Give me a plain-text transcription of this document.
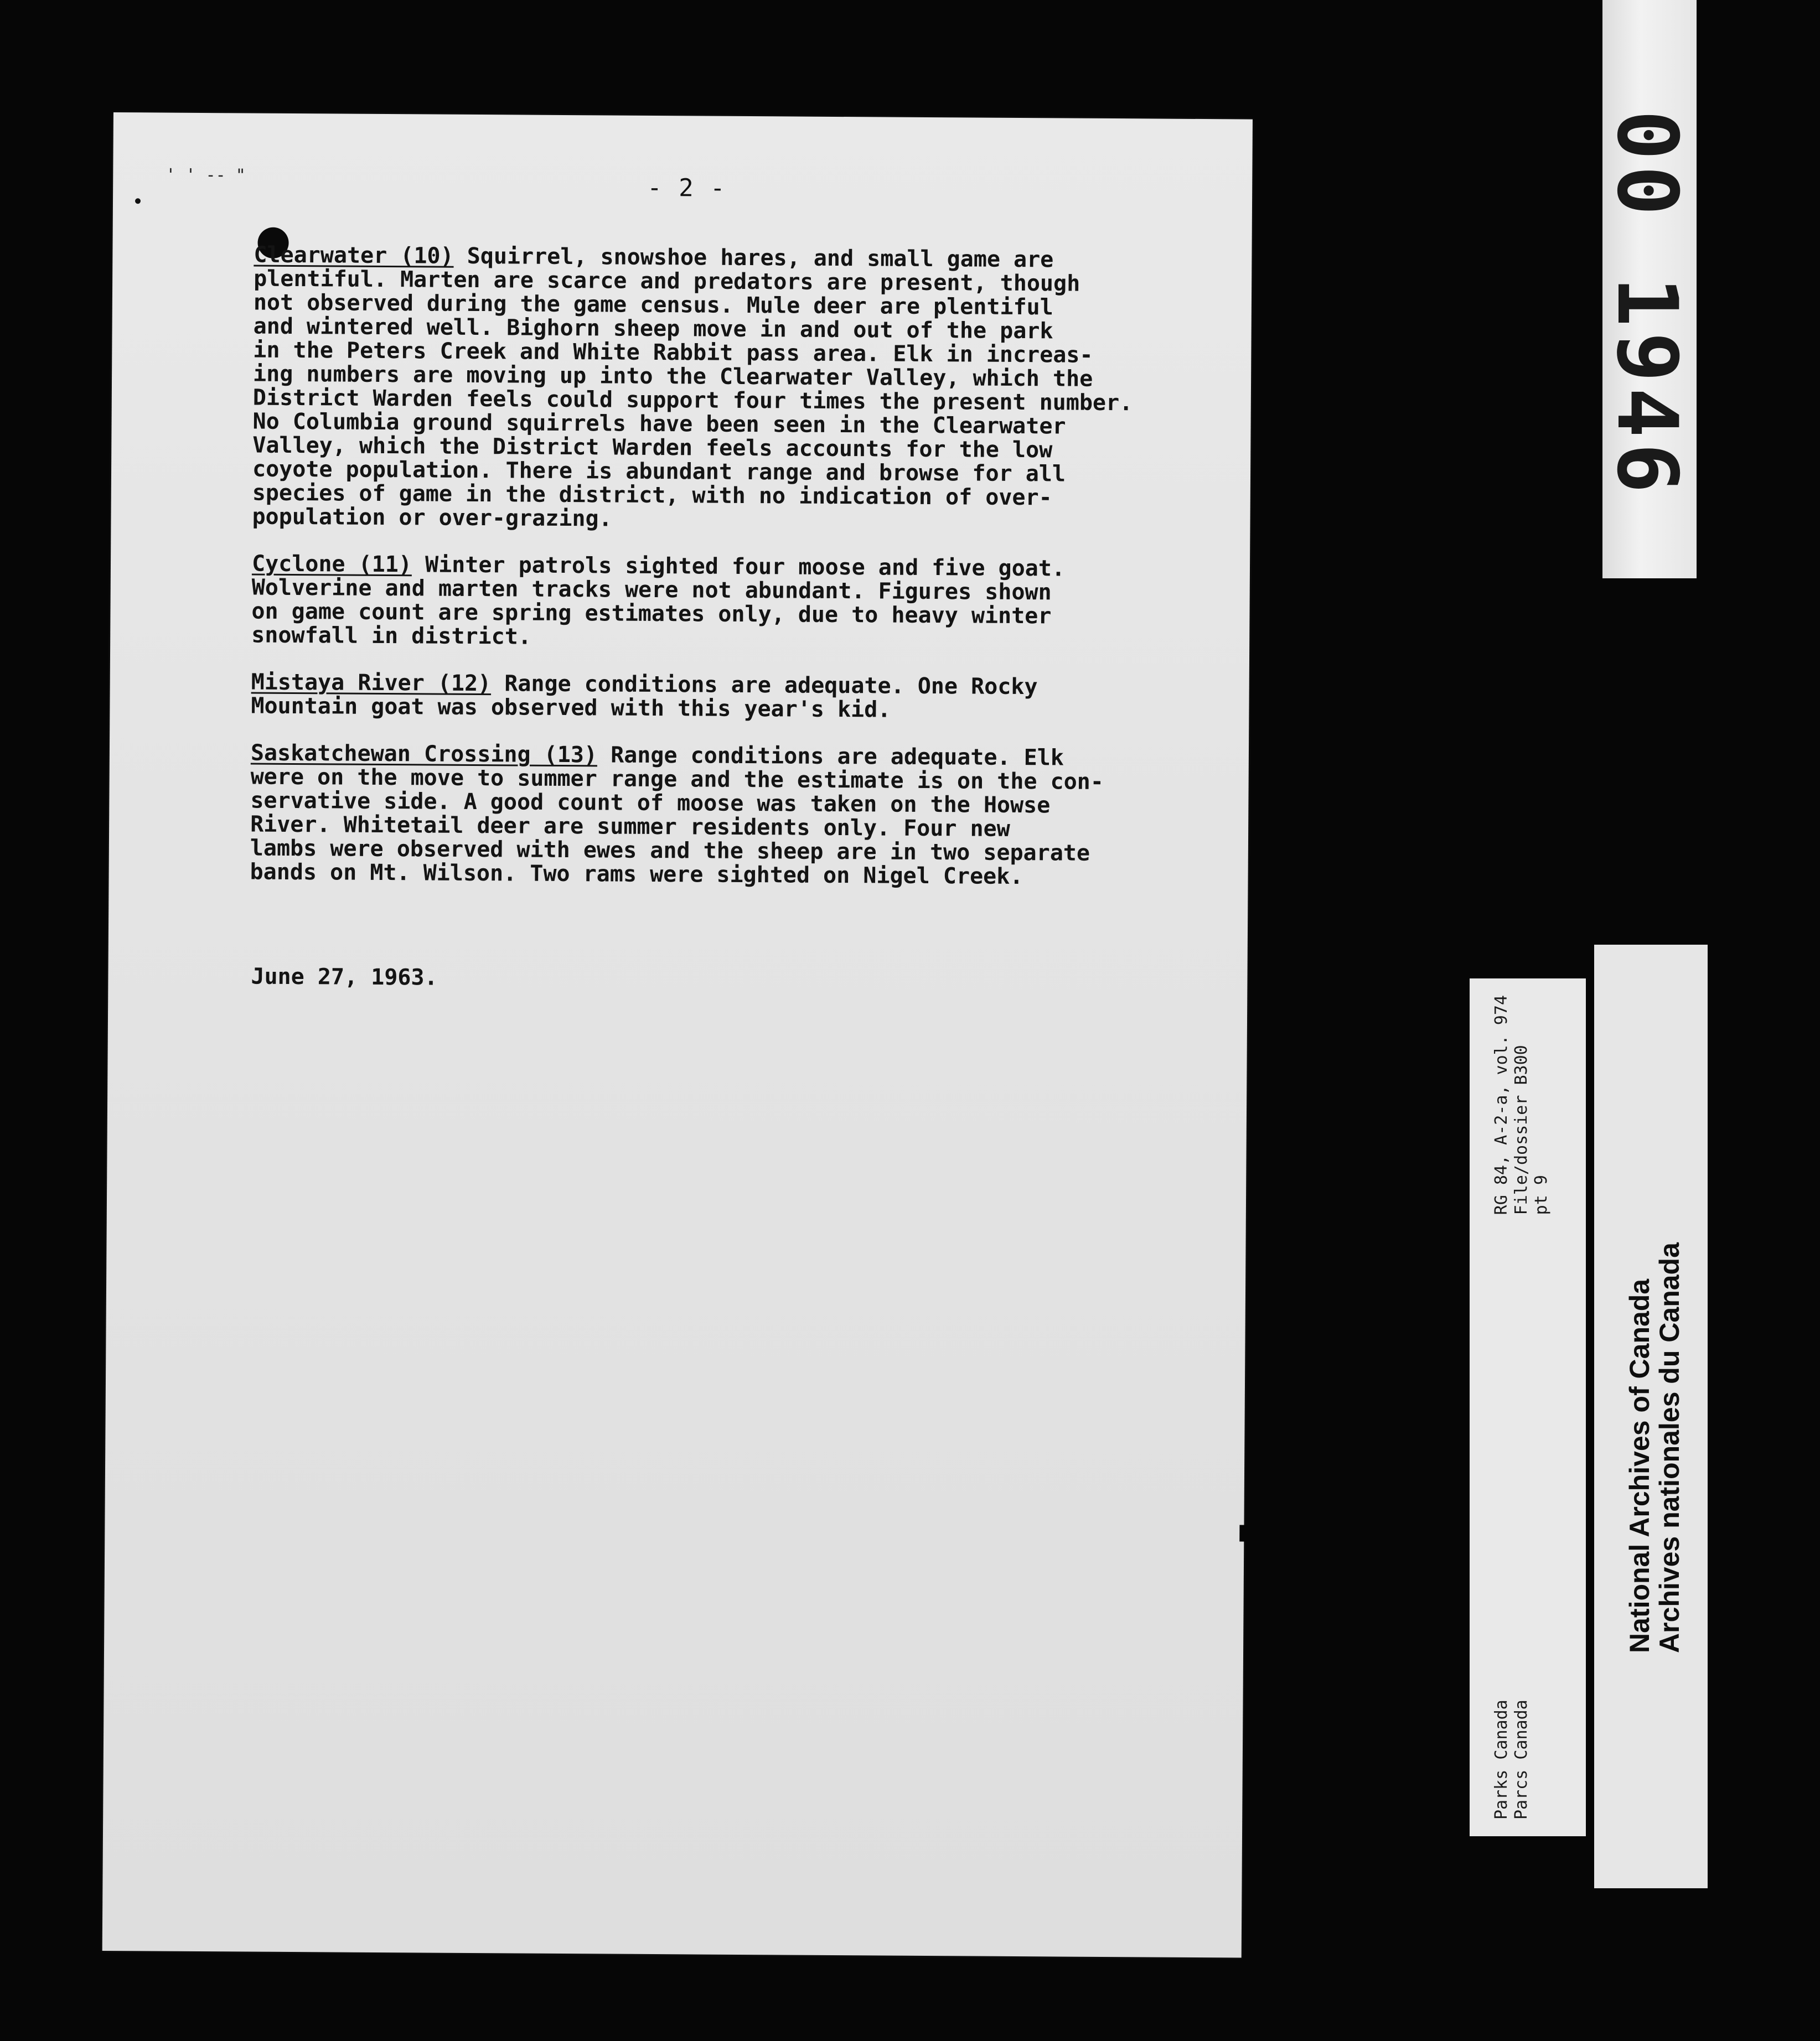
' ' -- "	- 2 -

Clearwater (10) Squirrel, snowshoe hares, and small game are
plentiful. Marten are scarce and predators are present, though
not observed during the game census. Mule deer are plentiful
and wintered well. Bighorn sheep move in and out of the park
in the Peters Creek and White Rabbit pass area. Elk in increas-
ing numbers are moving up into the Clearwater Valley, which the
District Warden feels could support four times the present number.
No Columbia ground squirrels have been seen in the Clearwater
Valley, which the District Warden feels accounts for the low
coyote population. There is abundant range and browse for all
species of game in the district, with no indication of over-
population or over-grazing.

Cyclone (11) Winter patrols sighted four moose and five goat.
Wolverine and marten tracks were not abundant. Figures shown
on game count are spring estimates only, due to heavy winter
snowfall in district.

Mistaya River (12) Range conditions are adequate. One Rocky
Mountain goat was observed with this year's kid.

Saskatchewan Crossing (13) Range conditions are adequate. Elk
were on the move to summer range and the estimate is on the con-
servative side. A good count of moose was taken on the Howse
River. Whitetail deer are summer residents only. Four new
lambs were observed with ewes and the sheep are in two separate
bands on Mt. Wilson. Two rams were sighted on Nigel Creek.

June 27, 1963.
00 1946
Parks Canada Parcs Canada
RG 84, A-2-a, vol. 974 File/dossier B300 pt 9
National Archives of Canada
Archives nationales du Canada
